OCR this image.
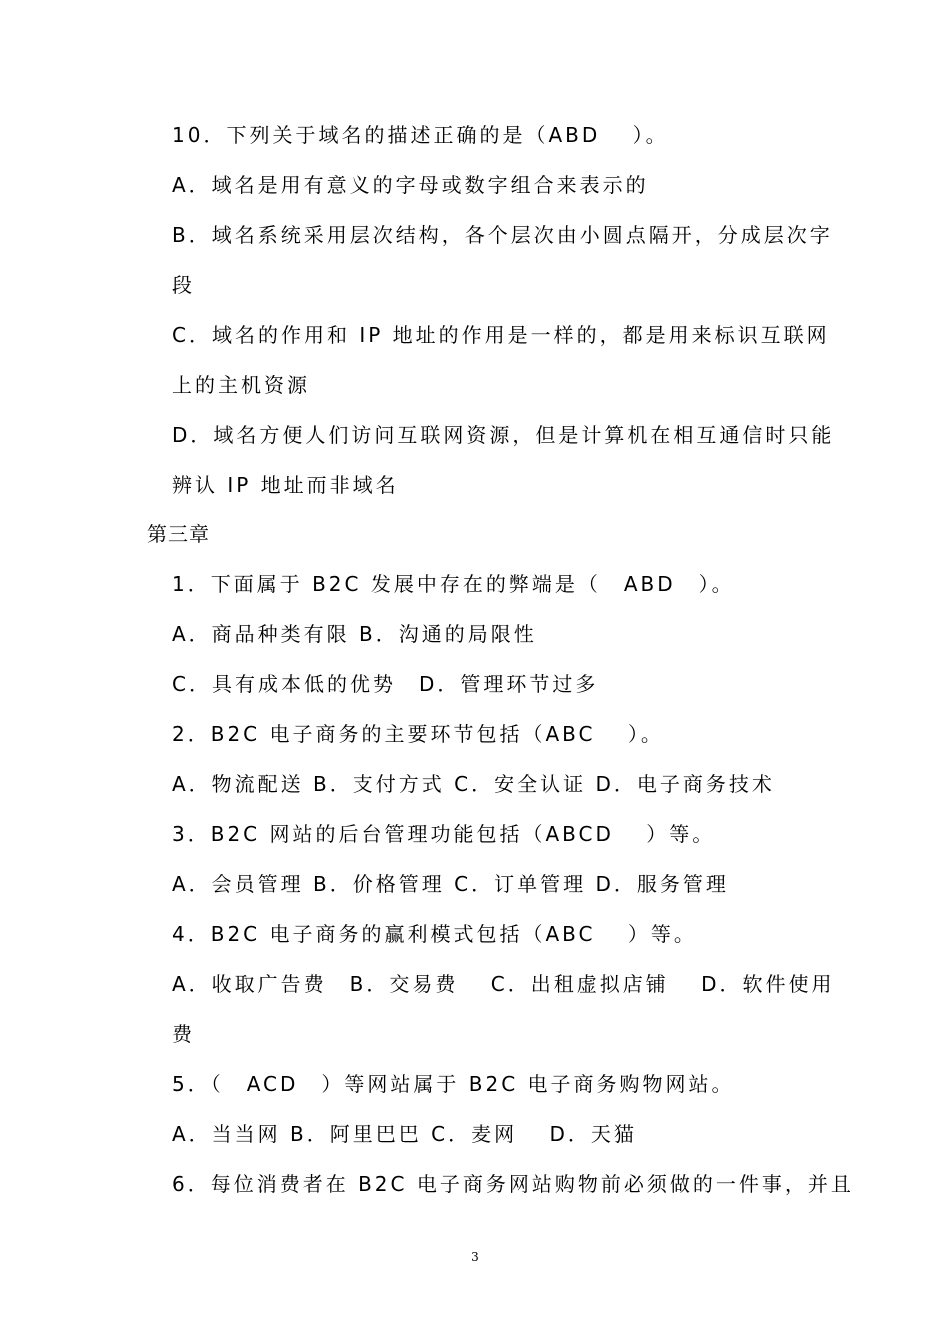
10．下列关于域名的描述正确的是（ABD　 ）。
A．域名是用有意义的字母或数字组合来表示的
B．域名系统采用层次结构，各个层次由小圆点隔开，分成层次字
段
C．域名的作用和 IP 地址的作用是一样的，都是用来标识互联网
上的主机资源
D．域名方便人们访问互联网资源，但是计算机在相互通信时只能
辨认 IP 地址而非域名
第三章
1．下面属于 B2C 发展中存在的弊端是（　ABD　）。
A．商品种类有限 B．沟通的局限性
C．具有成本低的优势　D．管理环节过多
2．B2C 电子商务的主要环节包括（ABC　 ）。
A．物流配送 B．支付方式 C．安全认证 D．电子商务技术
3．B2C 网站的后台管理功能包括（ABCD　 ）等。
A．会员管理 B．价格管理 C．订单管理 D．服务管理
4．B2C 电子商务的赢利模式包括（ABC　 ）等。
A．收取广告费　B．交易费　 C．出租虚拟店铺　 D．软件使用
费
5．（　ACD　）等网站属于 B2C 电子商务购物网站。
A．当当网 B．阿里巴巴 C．麦网　 D．天猫
6．每位消费者在 B2C 电子商务网站购物前必须做的一件事，并且
3
